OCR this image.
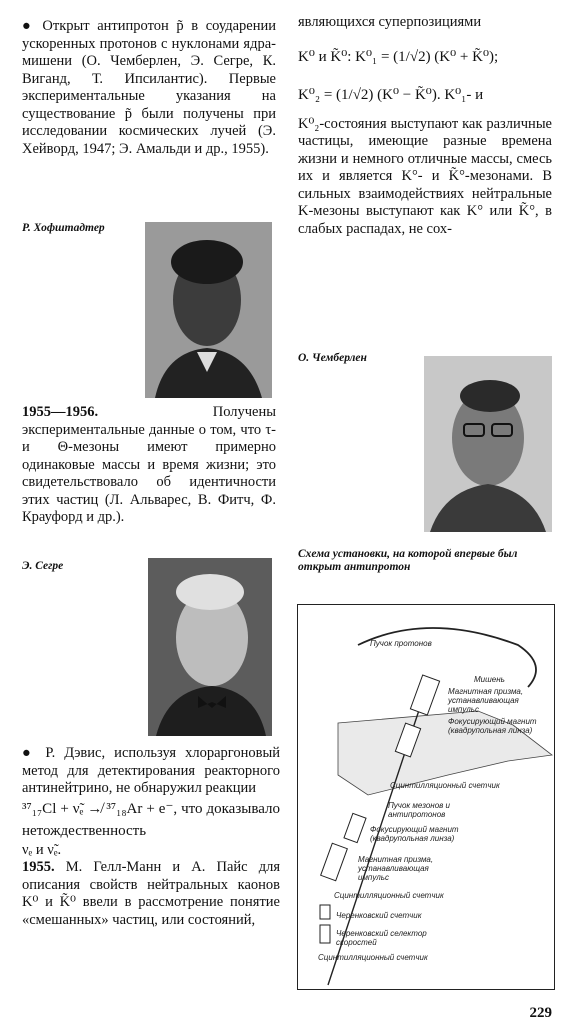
● Открыт антипротон p̃ в соударении ускоренных протонов с нуклонами ядра-мишени (О. Чемберлен, Э. Сегре, К. Виганд, Т. Ипсилантис). Первые экспериментальные указания на существование p̃ были получены при исследовании космических лучей (Э. Хейворд, 1947; Э. Амальди и др., 1955).

Р. Хофштадтер

1955—1956.	Получены экспериментальные данные о том, что τ- и Θ-мезоны имеют примерно одинаковые массы и время жизни; это свидетельствовало об идентичности этих частиц (Л. Альварес, В. Фитч, Ф. Крауфорд и др.).

Э. Сегре

● Р. Дэвис, используя хлораргоновый метод для детектирования реакторного антинейтрино, не обнаружил реакции

³⁷₁₇Cl + ν̃ₑ ↛ ³⁷₁₈Ar + e⁻, что доказывало нетождественность

νₑ и ν̃ₑ.

1955. М. Гелл-Манн и А. Пайс для описания свойств нейтральных каонов K⁰ и K̃⁰ ввели в рассмотрение понятие «смешанных» частиц, или состояний,

являющихся суперпозициями

K⁰ и K̃⁰: K⁰₁ = (1/√2) (K⁰ + K̃⁰);

K⁰₂ = (1/√2) (K⁰ − K̃⁰). K⁰₁- и

K⁰₂-состояния выступают как различные частицы, имеющие разные времена жизни и немного отличные массы, смесь их и является K°- и K̃°-мезонами. В сильных взаимодействиях нейтральные K-мезоны выступают как K° или K̃°, в слабых распадах, не сох-

О. Чемберлен
Схема установки, на которой впервые был открыт антипротон
Пучок протонов
Мишень
Магнитная призма, устанавливающая импульс
Фокусирующий магнит (квадрупольная линза)
Сцинтилляционный счетчик
Пучок мезонов и антипротонов
Фокусирующий магнит (квадрупольная линза)
Магнитная призма, устанавливающая импульс
Сцинтилляционный счетчик
Черенковский счетчик
Черенковский селектор скоростей
Сцинтилляционный счетчик
229
